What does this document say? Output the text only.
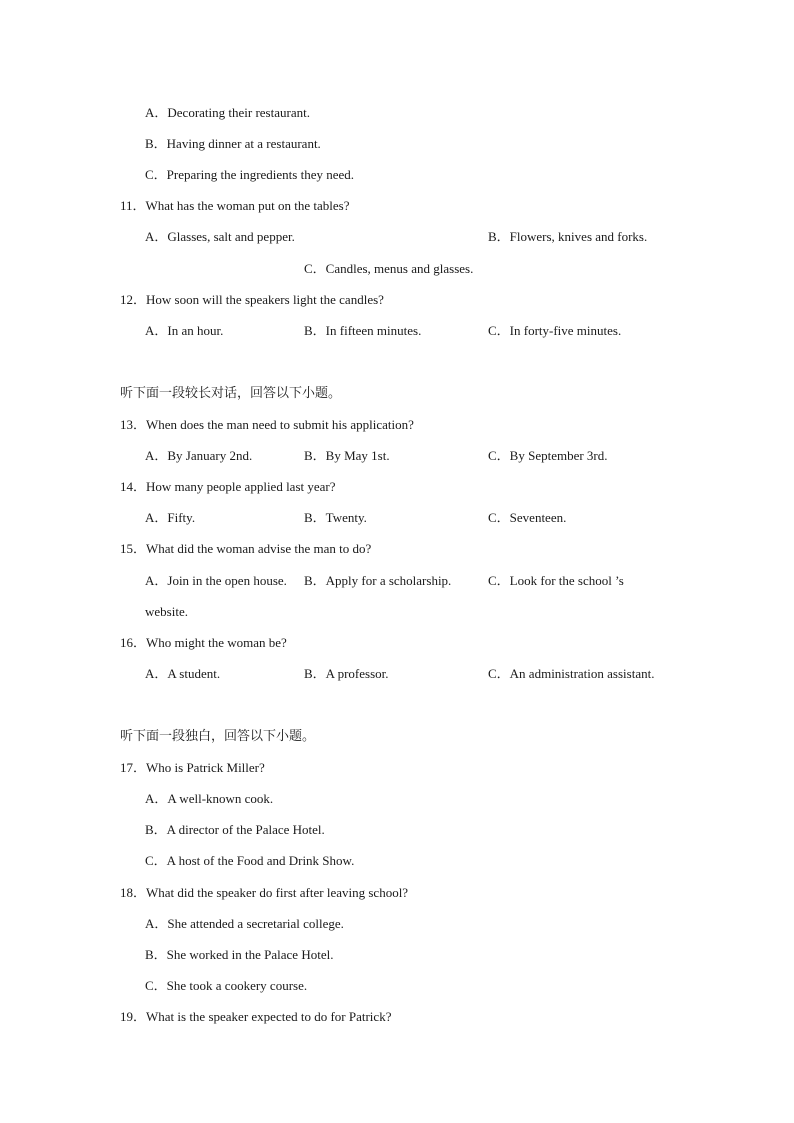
A．Decorating their restaurant.
B．Having dinner at a restaurant.
C．Preparing the ingredients they need.
11．What has the woman put on the tables?
A．Glasses, salt and pepper.	B．Flowers, knives and forks.
C．Candles, menus and glasses.
12．How soon will the speakers light the candles?
A．In an hour.	B．In fifteen minutes.	C．In forty-five minutes.
听下面一段较长对话，回答以下小题。
13．When does the man need to submit his application?
A．By January 2nd.	B．By May 1st.	C．By September 3rd.
14．How many people applied last year?
A．Fifty.	B．Twenty.	C．Seventeen.
15．What did the woman advise the man to do?
A．Join in the open house. B．Apply for a scholarship.	C．Look for the school ’s
website.
16．Who might the woman be?
A．A student.	B．A professor.	C．An administration assistant.
听下面一段独白，回答以下小题。
17．Who is Patrick Miller?
A．A well-known cook.
B．A director of the Palace Hotel.
C．A host of the Food and Drink Show.
18．What did the speaker do first after leaving school?
A．She attended a secretarial college.
B．She worked in the Palace Hotel.
C．She took a cookery course.
19．What is the speaker expected to do for Patrick?
